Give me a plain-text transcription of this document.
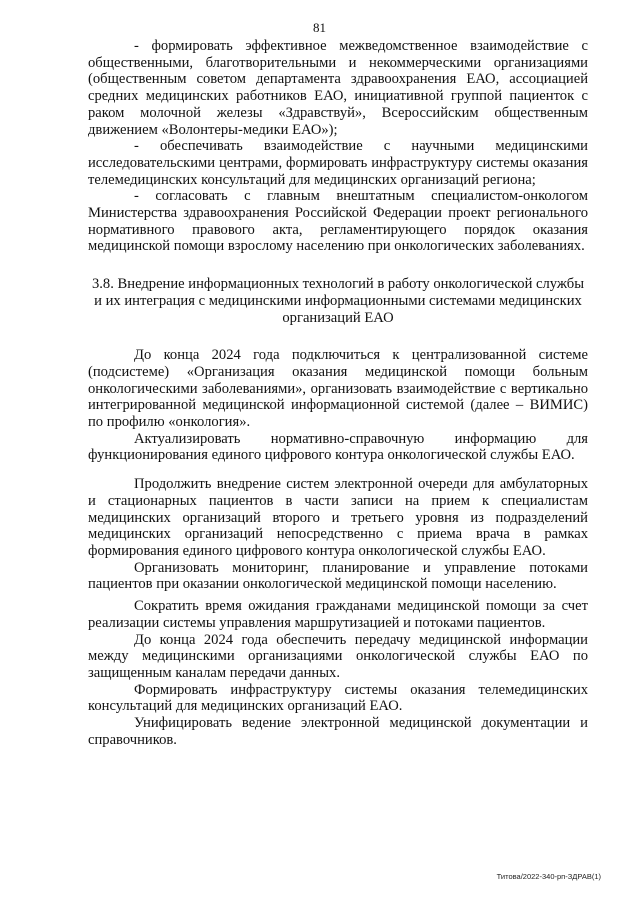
81

- формировать эффективное межведомственное взаимодействие с общественными, благотворительными и некоммерческими организациями (общественным советом департамента здравоохранения ЕАО, ассоциацией средних медицинских работников ЕАО, инициативной группой пациенток с раком молочной железы «Здравствуй», Всероссийским общественным движением «Волонтеры-медики ЕАО»);

- обеспечивать взаимодействие с научными медицинскими исследовательскими центрами, формировать инфраструктуру системы оказания телемедицинских консультаций для медицинских организаций региона;

- согласовать с главным внештатным специалистом-онкологом Министерства здравоохранения Российской Федерации проект регионального нормативного правового акта, регламентирующего порядок оказания медицинской помощи взрослому населению при онкологических заболеваниях.

3.8. Внедрение информационных технологий в работу онкологической службы и их интеграция с медицинскими информационными системами медицинских организаций ЕАО

До конца 2024 года подключиться к централизованной системе (подсистеме) «Организация оказания медицинской помощи больным онкологическими заболеваниями», организовать взаимодействие с вертикально интегрированной медицинской информационной системой (далее – ВИМИС) по профилю «онкология».

Актуализировать нормативно-справочную информацию для функционирования единого цифрового контура онкологической службы ЕАО.

Продолжить внедрение систем электронной очереди для амбулаторных и стационарных пациентов в части записи на прием к специалистам медицинских организаций второго и третьего уровня из подразделений медицинских организаций непосредственно с приема врача в рамках формирования единого цифрового контура онкологической службы ЕАО.

Организовать мониторинг, планирование и управление потоками пациентов при оказании онкологической медицинской помощи населению.

Сократить время ожидания гражданами медицинской помощи за счет реализации системы управления маршрутизацией и потоками пациентов.

До конца 2024 года обеспечить передачу медицинской информации между медицинскими организациями онкологической службы ЕАО по защищенным каналам передачи данных.

Формировать инфраструктуру системы оказания телемедицинских консультаций для медицинских организаций ЕАО.

Унифицировать ведение электронной медицинской документации и справочников.

Титова/2022-340-рп-ЗДРАВ(1)
